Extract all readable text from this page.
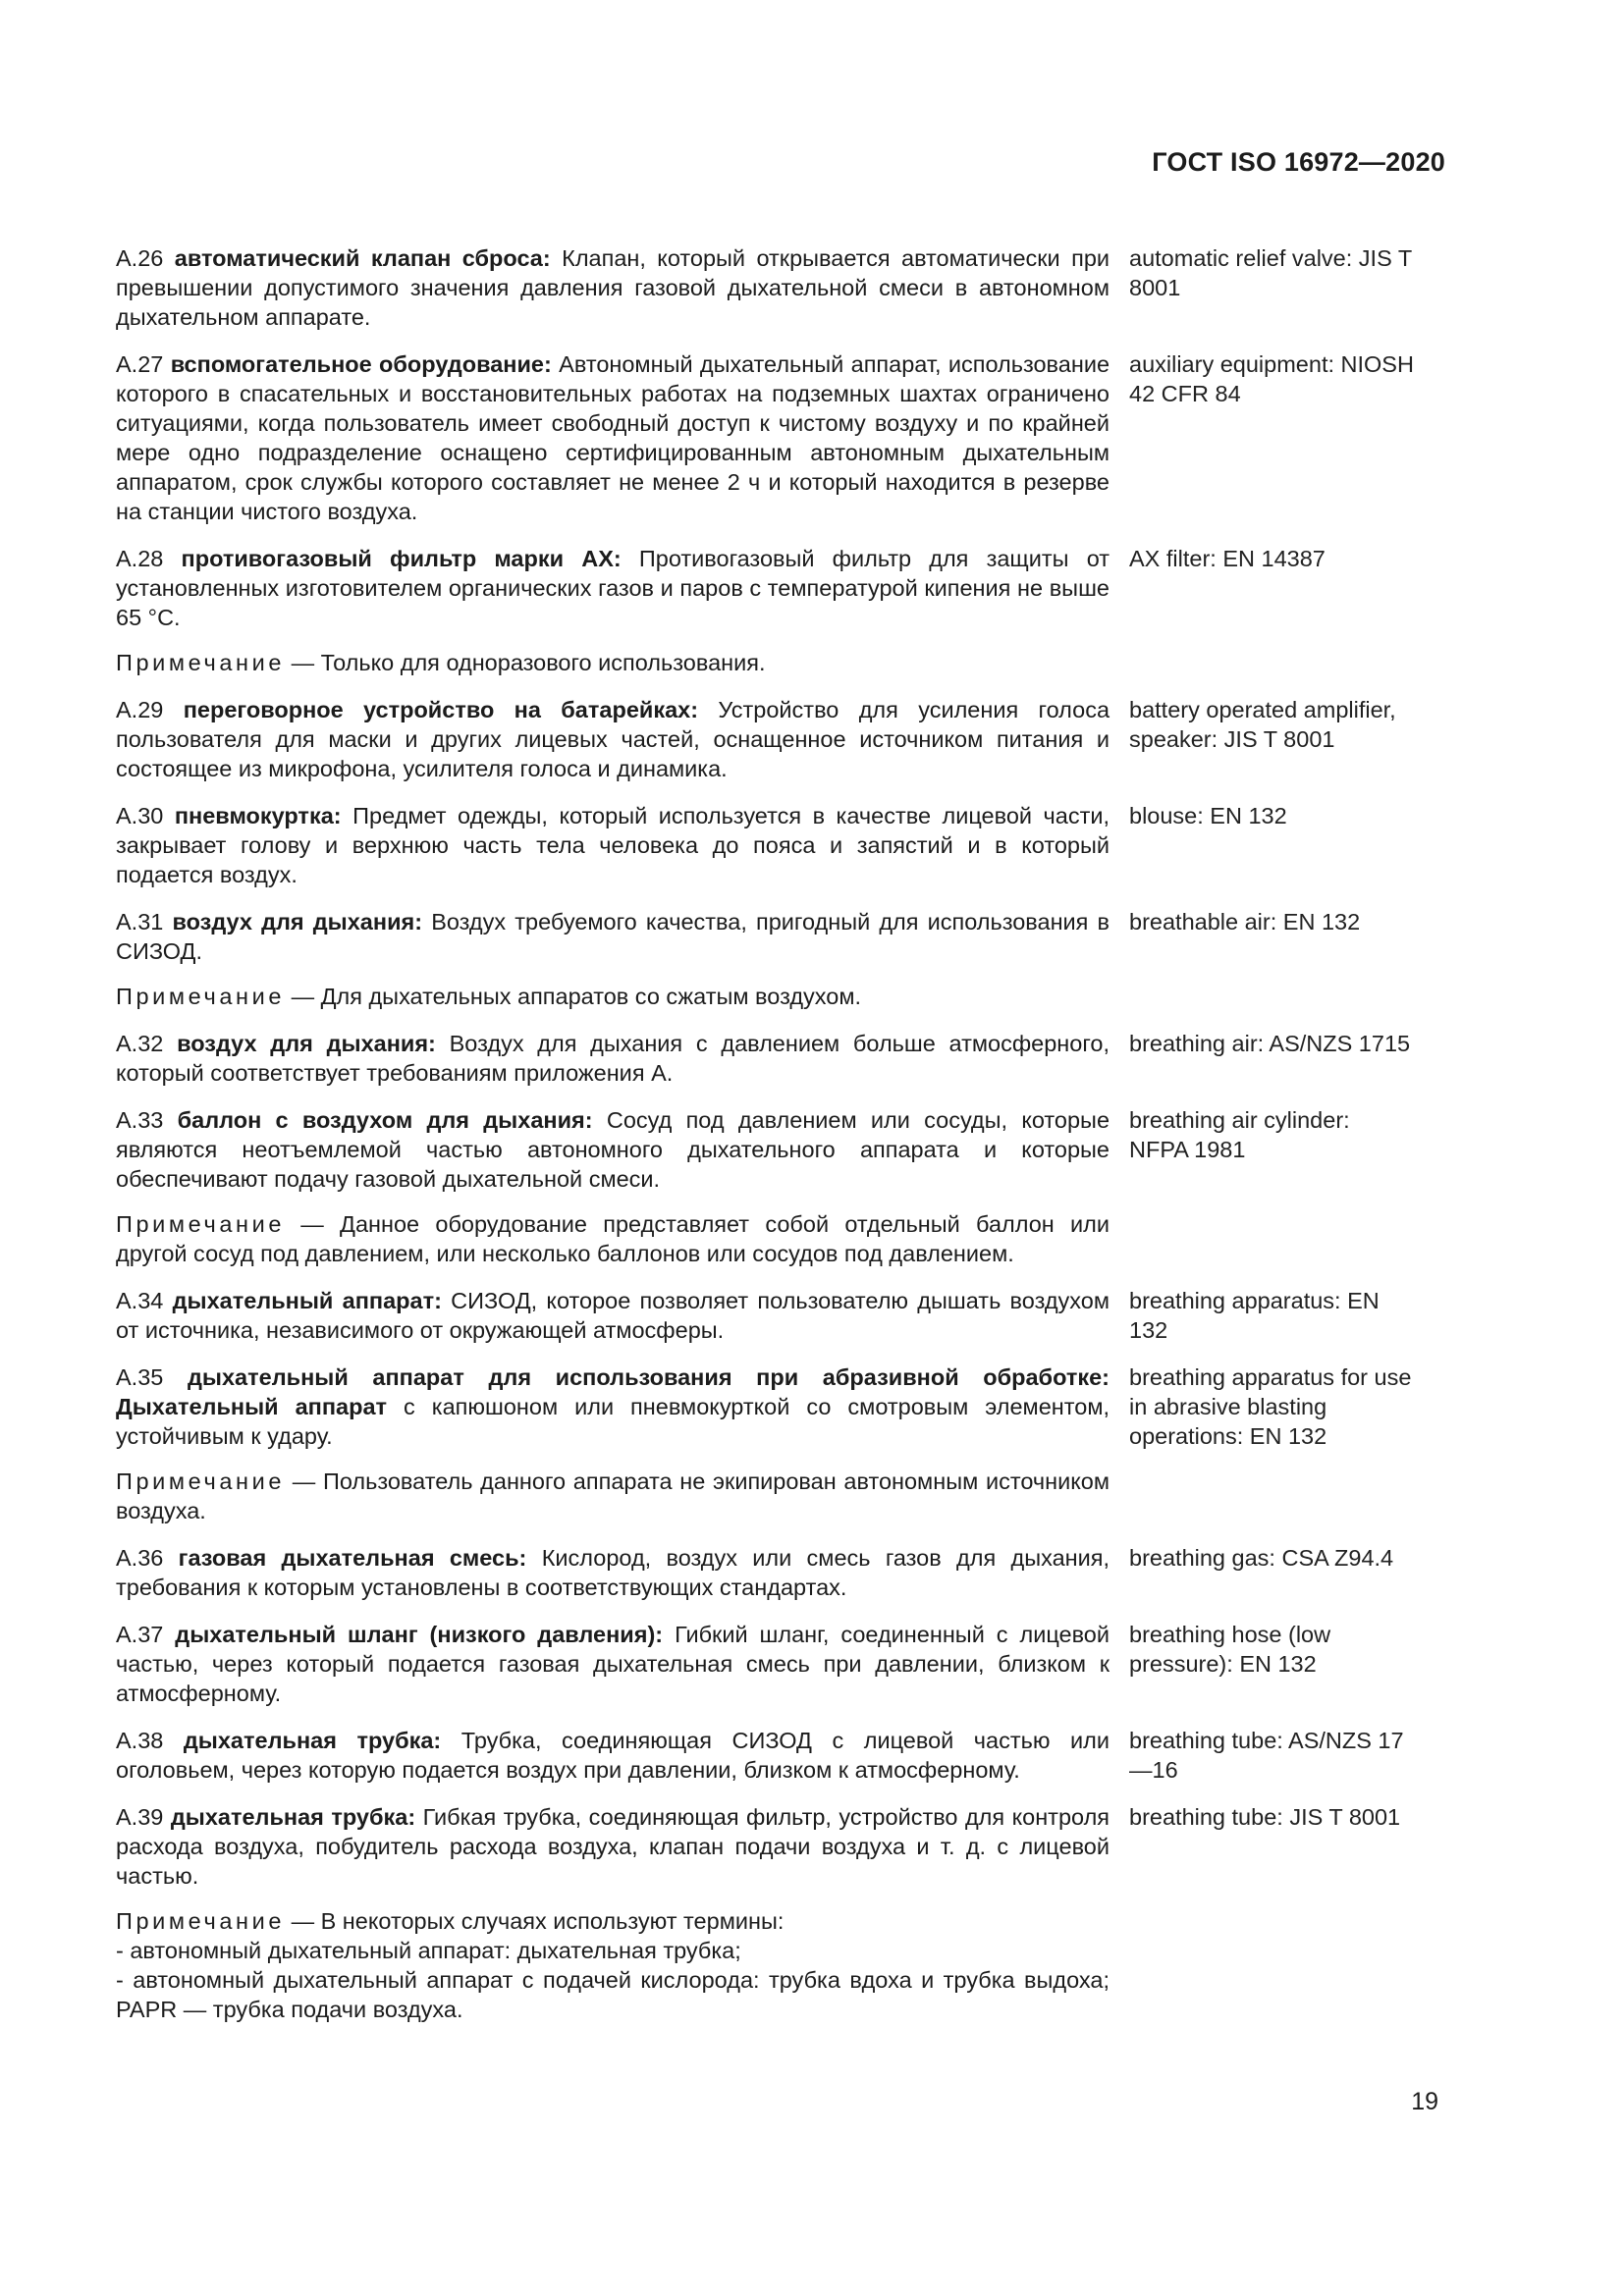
ГОСТ ISO 16972—2020
А.26 автоматический клапан сброса: Клапан, который открывается автоматически при превышении допустимого значения давления газовой дыхательной смеси в автономном дыхательном аппарате.
automatic relief valve: JIS T 8001
А.27 вспомогательное оборудование: Автономный дыхательный аппарат, использование которого в спасательных и восстановительных работах на подземных шахтах ограничено ситуациями, когда пользователь имеет свободный доступ к чистому воздуху и по крайней мере одно подразделение оснащено сертифицированным автономным дыхательным аппаратом, срок службы которого составляет не менее 2 ч и который находится в резерве на станции чистого воздуха.
auxiliary equipment: NIOSH 42 CFR 84
А.28 противогазовый фильтр марки АХ: Противогазовый фильтр для защиты от установленных изготовителем органических газов и паров с температурой кипения не выше 65 °C.
Примечание — Только для одноразового использования.
AX filter: EN 14387
А.29 переговорное устройство на батарейках: Устройство для усиления голоса пользователя для маски и других лицевых частей, оснащенное источником питания и состоящее из микрофона, усилителя голоса и динамика.
battery operated amplifier, speaker: JIS T 8001
А.30 пневмокуртка: Предмет одежды, который используется в качестве лицевой части, закрывает голову и верхнюю часть тела человека до пояса и запястий и в который подается воздух.
blouse: EN 132
А.31 воздух для дыхания: Воздух требуемого качества, пригодный для использования в СИЗОД.
Примечание — Для дыхательных аппаратов со сжатым воздухом.
breathable air: EN 132
А.32 воздух для дыхания: Воздух для дыхания с давлением больше атмосферного, который соответствует требованиям приложения А.
breathing air: AS/NZS 1715
А.33 баллон с воздухом для дыхания: Сосуд под давлением или сосуды, которые являются неотъемлемой частью автономного дыхательного аппарата и которые обеспечивают подачу газовой дыхательной смеси.
Примечание — Данное оборудование представляет собой отдельный баллон или другой сосуд под давлением, или несколько баллонов или сосудов под давлением.
breathing air cylinder: NFPA 1981
А.34 дыхательный аппарат: СИЗОД, которое позволяет пользователю дышать воздухом от источника, независимого от окружающей атмосферы.
breathing apparatus: EN 132
А.35 дыхательный аппарат для использования при абразивной обработке: Дыхательный аппарат с капюшоном или пневмокурткой со смотровым элементом, устойчивым к удару.
Примечание — Пользователь данного аппарата не экипирован автономным источником воздуха.
breathing apparatus for use in abrasive blasting operations: EN 132
А.36 газовая дыхательная смесь: Кислород, воздух или смесь газов для дыхания, требования к которым установлены в соответствующих стандартах.
breathing gas: CSA Z94.4
А.37 дыхательный шланг (низкого давления): Гибкий шланг, соединенный с лицевой частью, через который подается газовая дыхательная смесь при давлении, близком к атмосферному.
breathing hose (low pressure): EN 132
А.38 дыхательная трубка: Трубка, соединяющая СИЗОД с лицевой частью или оголовьем, через которую подается воздух при давлении, близком к атмосферному.
breathing tube: AS/NZS 17—16
А.39 дыхательная трубка: Гибкая трубка, соединяющая фильтр, устройство для контроля расхода воздуха, побудитель расхода воздуха, клапан подачи воздуха и т. д. с лицевой частью.
Примечание — В некоторых случаях используют термины:
- автономный дыхательный аппарат: дыхательная трубка;
- автономный дыхательный аппарат с подачей кислорода: трубка вдоха и трубка выдоха; PAPR — трубка подачи воздуха.
breathing tube: JIS T 8001
19
